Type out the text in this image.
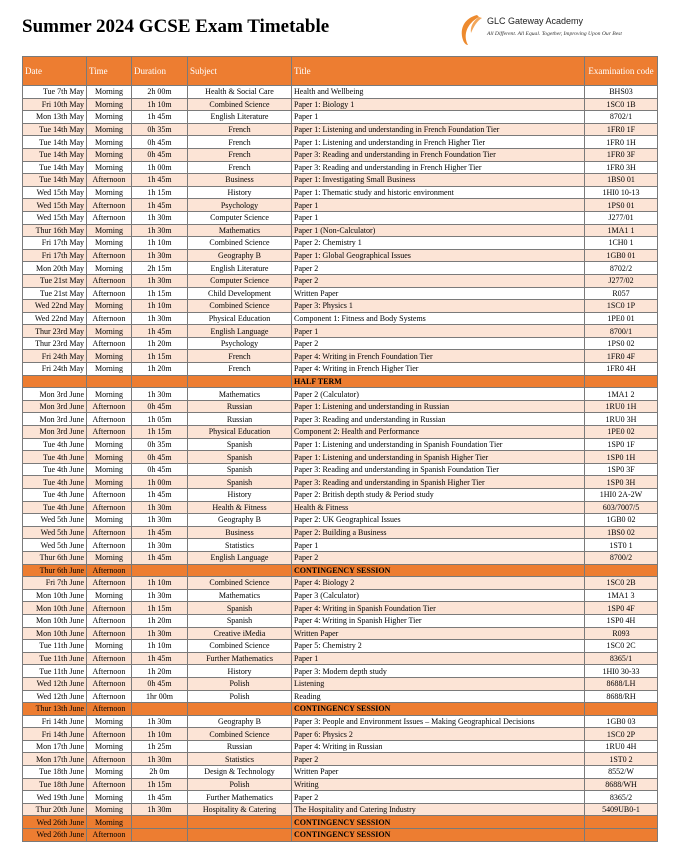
Summer 2024 GCSE Exam Timetable	GLC Gateway Academy
All Different. All Equal. Together, Improving Upon Our Best
Date	Time	Duration	Subject	Title	Examination code
Tue 7th May	Morning	2h 00m	Health & Social Care	Health and Wellbeing	BHS03
Fri 10th May	Morning	1h 10m	Combined Science	Paper 1: Biology 1	1SC0 1B
Mon 13th May	Morning	1h 45m	English Literature	Paper 1	8702/1
Tue 14th May	Morning	0h 35m	French	Paper 1: Listening and understanding in French Foundation Tier	1FR0 1F
Tue 14th May	Morning	0h 45m	French	Paper 1: Listening and understanding in French Higher Tier	1FR0 1H
Tue 14th May	Morning	0h 45m	French	Paper 3: Reading and understanding in French Foundation Tier	1FR0 3F
Tue 14th May	Morning	1h 00m	French	Paper 3: Reading and understanding in French Higher Tier	1FR0 3H
Tue 14th May	Afternoon	1h 45m	Business	Paper 1: Investigating Small Business	1BS0 01
Wed 15th May	Morning	1h 15m	History	Paper 1: Thematic study and historic environment	1HI0 10-13
Wed 15th May	Afternoon	1h 45m	Psychology	Paper 1	1PS0 01
Wed 15th May	Afternoon	1h 30m	Computer Science	Paper 1	J277/01
Thur 16th May	Morning	1h 30m	Mathematics	Paper 1 (Non-Calculator)	1MA1 1
Fri 17th May	Morning	1h 10m	Combined Science	Paper 2: Chemistry 1	1CH0 1
Fri 17th May	Afternoon	1h 30m	Geography B	Paper 1: Global Geographical Issues	1GB0 01
Mon 20th May	Morning	2h 15m	English Literature	Paper 2	8702/2
Tue 21st May	Afternoon	1h 30m	Computer Science	Paper 2	J277/02
Tue 21st May	Afternoon	1h 15m	Child Development	Written Paper	R057
Wed 22nd May	Morning	1h 10m	Combined Science	Paper 3: Physics 1	1SC0 1P
Wed 22nd May	Afternoon	1h 30m	Physical Education	Component 1: Fitness and Body Systems	1PE0 01
Thur 23rd May	Morning	1h 45m	English Language	Paper 1	8700/1
Thur 23rd May	Afternoon	1h 20m	Psychology	Paper 2	1PS0 02
Fri 24th May	Morning	1h 15m	French	Paper 4: Writing in French Foundation Tier	1FR0 4F
Fri 24th May	Morning	1h 20m	French	Paper 4: Writing in French Higher Tier	1FR0 4H
				HALF TERM	
Mon 3rd June	Morning	1h 30m	Mathematics	Paper 2 (Calculator)	1MA1 2
Mon 3rd June	Afternoon	0h 45m	Russian	Paper 1: Listening and understanding in Russian	1RU0 1H
Mon 3rd June	Afternoon	1h 05m	Russian	Paper 3: Reading and understanding in Russian	1RU0 3H
Mon 3rd June	Afternoon	1h 15m	Physical Education	Component 2: Health and Performance	1PE0 02
Tue 4th June	Morning	0h 35m	Spanish	Paper 1: Listening and understanding in Spanish Foundation Tier	1SP0 1F
Tue 4th June	Morning	0h 45m	Spanish	Paper 1: Listening and understanding in Spanish Higher Tier	1SP0 1H
Tue 4th June	Morning	0h 45m	Spanish	Paper 3: Reading and understanding in Spanish Foundation Tier	1SP0 3F
Tue 4th June	Morning	1h 00m	Spanish	Paper 3: Reading and understanding in Spanish Higher Tier	1SP0 3H
Tue 4th June	Afternoon	1h 45m	History	Paper 2: British depth study & Period study	1HI0 2A-2W
Tue 4th June	Afternoon	1h 30m	Health & Fitness	Health & Fitness	603/7007/5
Wed 5th June	Morning	1h 30m	Geography B	Paper 2: UK Geographical Issues	1GB0 02
Wed 5th June	Afternoon	1h 45m	Business	Paper 2: Building a Business	1BS0 02
Wed 5th June	Afternoon	1h 30m	Statistics	Paper 1	1ST0 1
Thur 6th June	Morning	1h 45m	English Language	Paper 2	8700/2
Thur 6th June	Afternoon			CONTINGENCY SESSION	
Fri 7th June	Afternoon	1h 10m	Combined Science	Paper 4: Biology 2	1SC0 2B
Mon 10th June	Morning	1h 30m	Mathematics	Paper 3 (Calculator)	1MA1 3
Mon 10th June	Afternoon	1h 15m	Spanish	Paper 4: Writing in Spanish Foundation Tier	1SP0 4F
Mon 10th June	Afternoon	1h 20m	Spanish	Paper 4: Writing in Spanish Higher Tier	1SP0 4H
Mon 10th June	Afternoon	1h 30m	Creative iMedia	Written Paper	R093
Tue 11th June	Morning	1h 10m	Combined Science	Paper 5: Chemistry 2	1SC0 2C
Tue 11th June	Afternoon	1h 45m	Further Mathematics	Paper 1	8365/1
Tue 11th June	Afternoon	1h 20m	History	Paper 3: Modern depth study	1HI0 30-33
Wed 12th June	Afternoon	0h 45m	Polish	Listening	8688/LH
Wed 12th June	Afternoon	1hr 00m	Polish	Reading	8688/RH
Thur 13th June	Afternoon			CONTINGENCY SESSION	
Fri 14th June	Morning	1h 30m	Geography B	Paper 3: People and Environment Issues – Making Geographical Decisions	1GB0 03
Fri 14th June	Afternoon	1h 10m	Combined Science	Paper 6: Physics 2	1SC0 2P
Mon 17th June	Morning	1h 25m	Russian	Paper 4: Writing in Russian	1RU0 4H
Mon 17th June	Afternoon	1h 30m	Statistics	Paper 2	1ST0 2
Tue 18th June	Morning	2h 0m	Design & Technology	Written Paper	8552/W
Tue 18th June	Afternoon	1h 15m	Polish	Writing	8688/WH
Wed 19th June	Morning	1h 45m	Further Mathematics	Paper 2	8365/2
Thur 20th June	Morning	1h 30m	Hospitality & Catering	The Hospitality and Catering Industry	5409UB0-1
Wed 26th June	Morning			CONTINGENCY SESSION	
Wed 26th June	Afternoon			CONTINGENCY SESSION	
